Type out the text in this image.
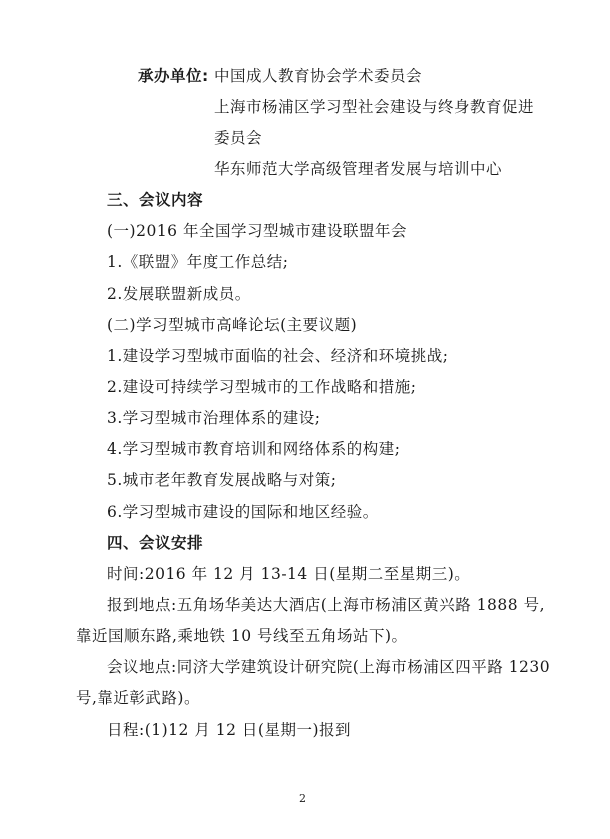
承办单位: 中国成人教育协会学术委员会
上海市杨浦区学习型社会建设与终身教育促进
委员会
华东师范大学高级管理者发展与培训中心
三、会议内容
(一)2016 年全国学习型城市建设联盟年会
1.《联盟》年度工作总结;
2.发展联盟新成员。
(二)学习型城市高峰论坛(主要议题)
1.建设学习型城市面临的社会、经济和环境挑战;
2.建设可持续学习型城市的工作战略和措施;
3.学习型城市治理体系的建设;
4.学习型城市教育培训和网络体系的构建;
5.城市老年教育发展战略与对策;
6.学习型城市建设的国际和地区经验。
四、会议安排
时间:2016 年 12 月 13-14 日(星期二至星期三)。
报到地点:五角场华美达大酒店(上海市杨浦区黄兴路 1888 号,
靠近国顺东路,乘地铁 10 号线至五角场站下)。
会议地点:同济大学建筑设计研究院(上海市杨浦区四平路 1230
号,靠近彰武路)。
日程:(1)12 月 12 日(星期一)报到
2
